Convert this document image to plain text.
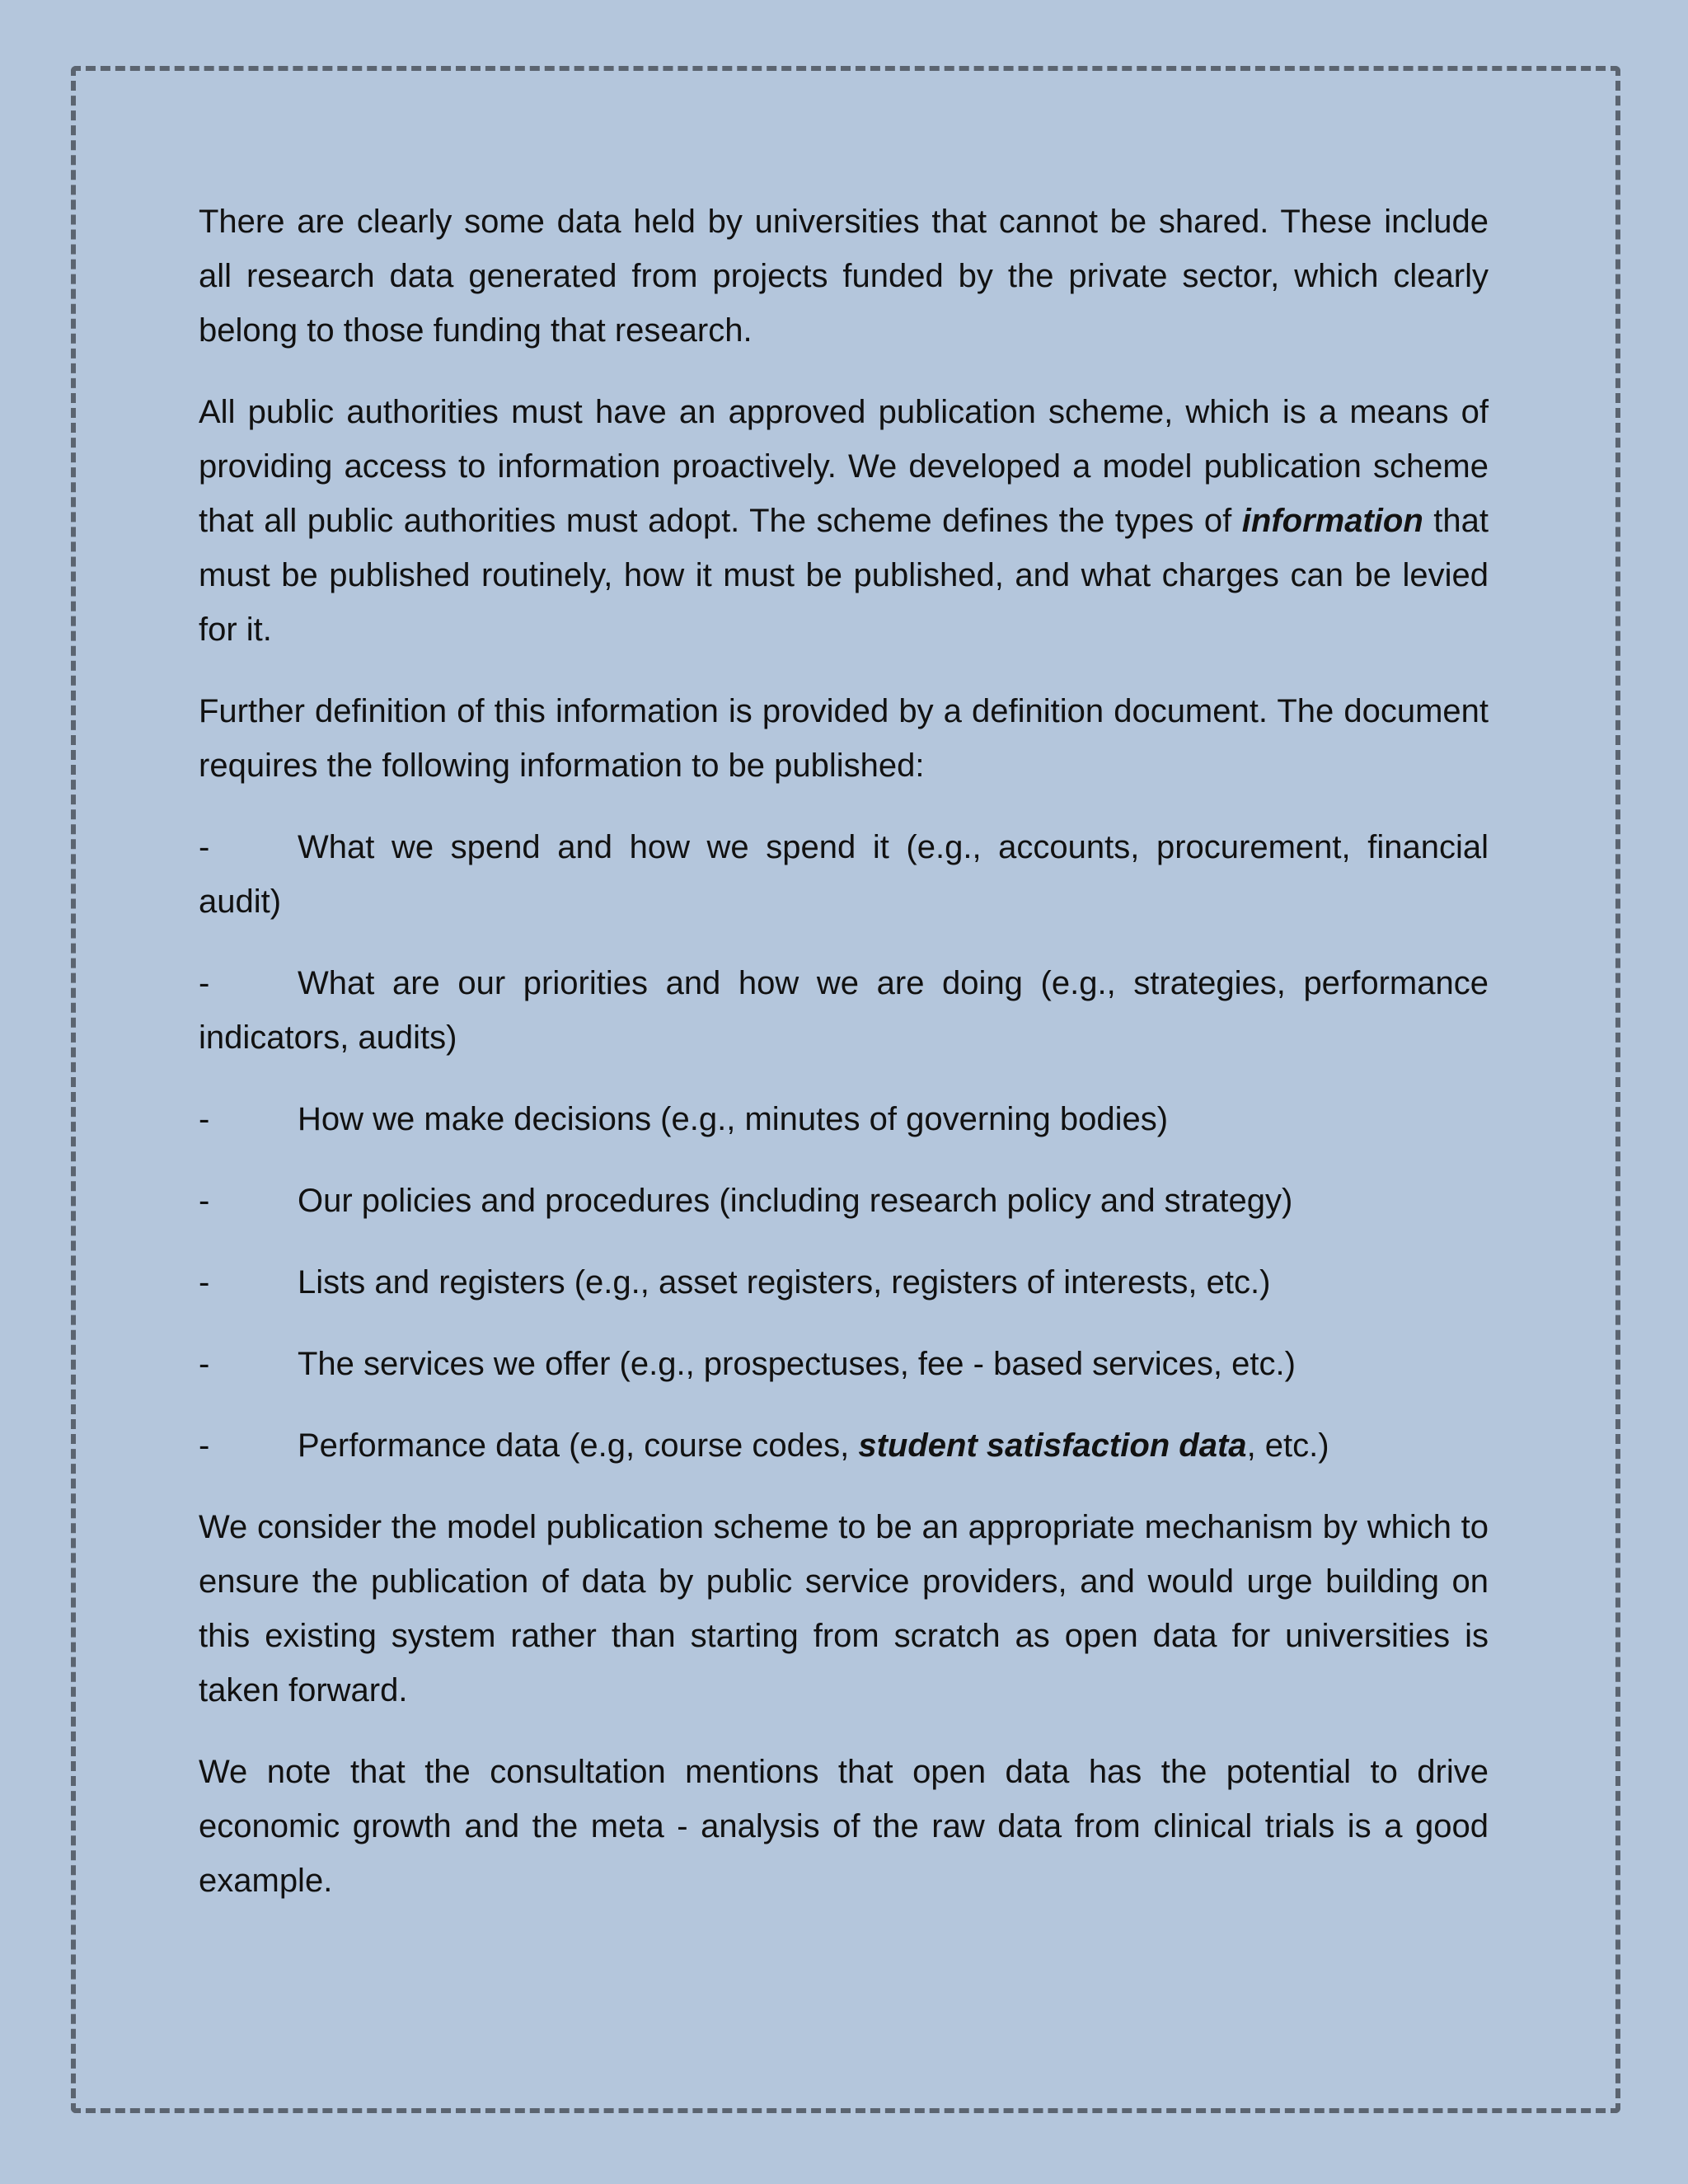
There are clearly some data held by universities that cannot be shared. These include all research data generated from projects funded by the private sector, which clearly belong to those funding that research.

All public authorities must have an approved publication scheme, which is a means of providing access to information proactively. We developed a model publication scheme that all public authorities must adopt. The scheme defines the types of information that must be published routinely, how it must be published, and what charges can be levied for it.

Further definition of this information is provided by a definition document. The document requires the following information to be published:

-	What we spend and how we spend it (e.g., accounts, procurement, financial audit)
-	What are our priorities and how we are doing (e.g., strategies, performance indicators, audits)
-	How we make decisions (e.g., minutes of governing bodies)
-	Our policies and procedures (including research policy and strategy)
-	Lists and registers (e.g., asset registers, registers of interests, etc.)
-	The services we offer (e.g., prospectuses, fee - based services, etc.)
-	Performance data (e.g, course codes, student satisfaction data, etc.)

We consider the model publication scheme to be an appropriate mechanism by which to ensure the publication of data by public service providers, and would urge building on this existing system rather than starting from scratch as open data for universities is taken forward.

We note that the consultation mentions that open data has the potential to drive economic growth and the meta - analysis of the raw data from clinical trials is a good example.
